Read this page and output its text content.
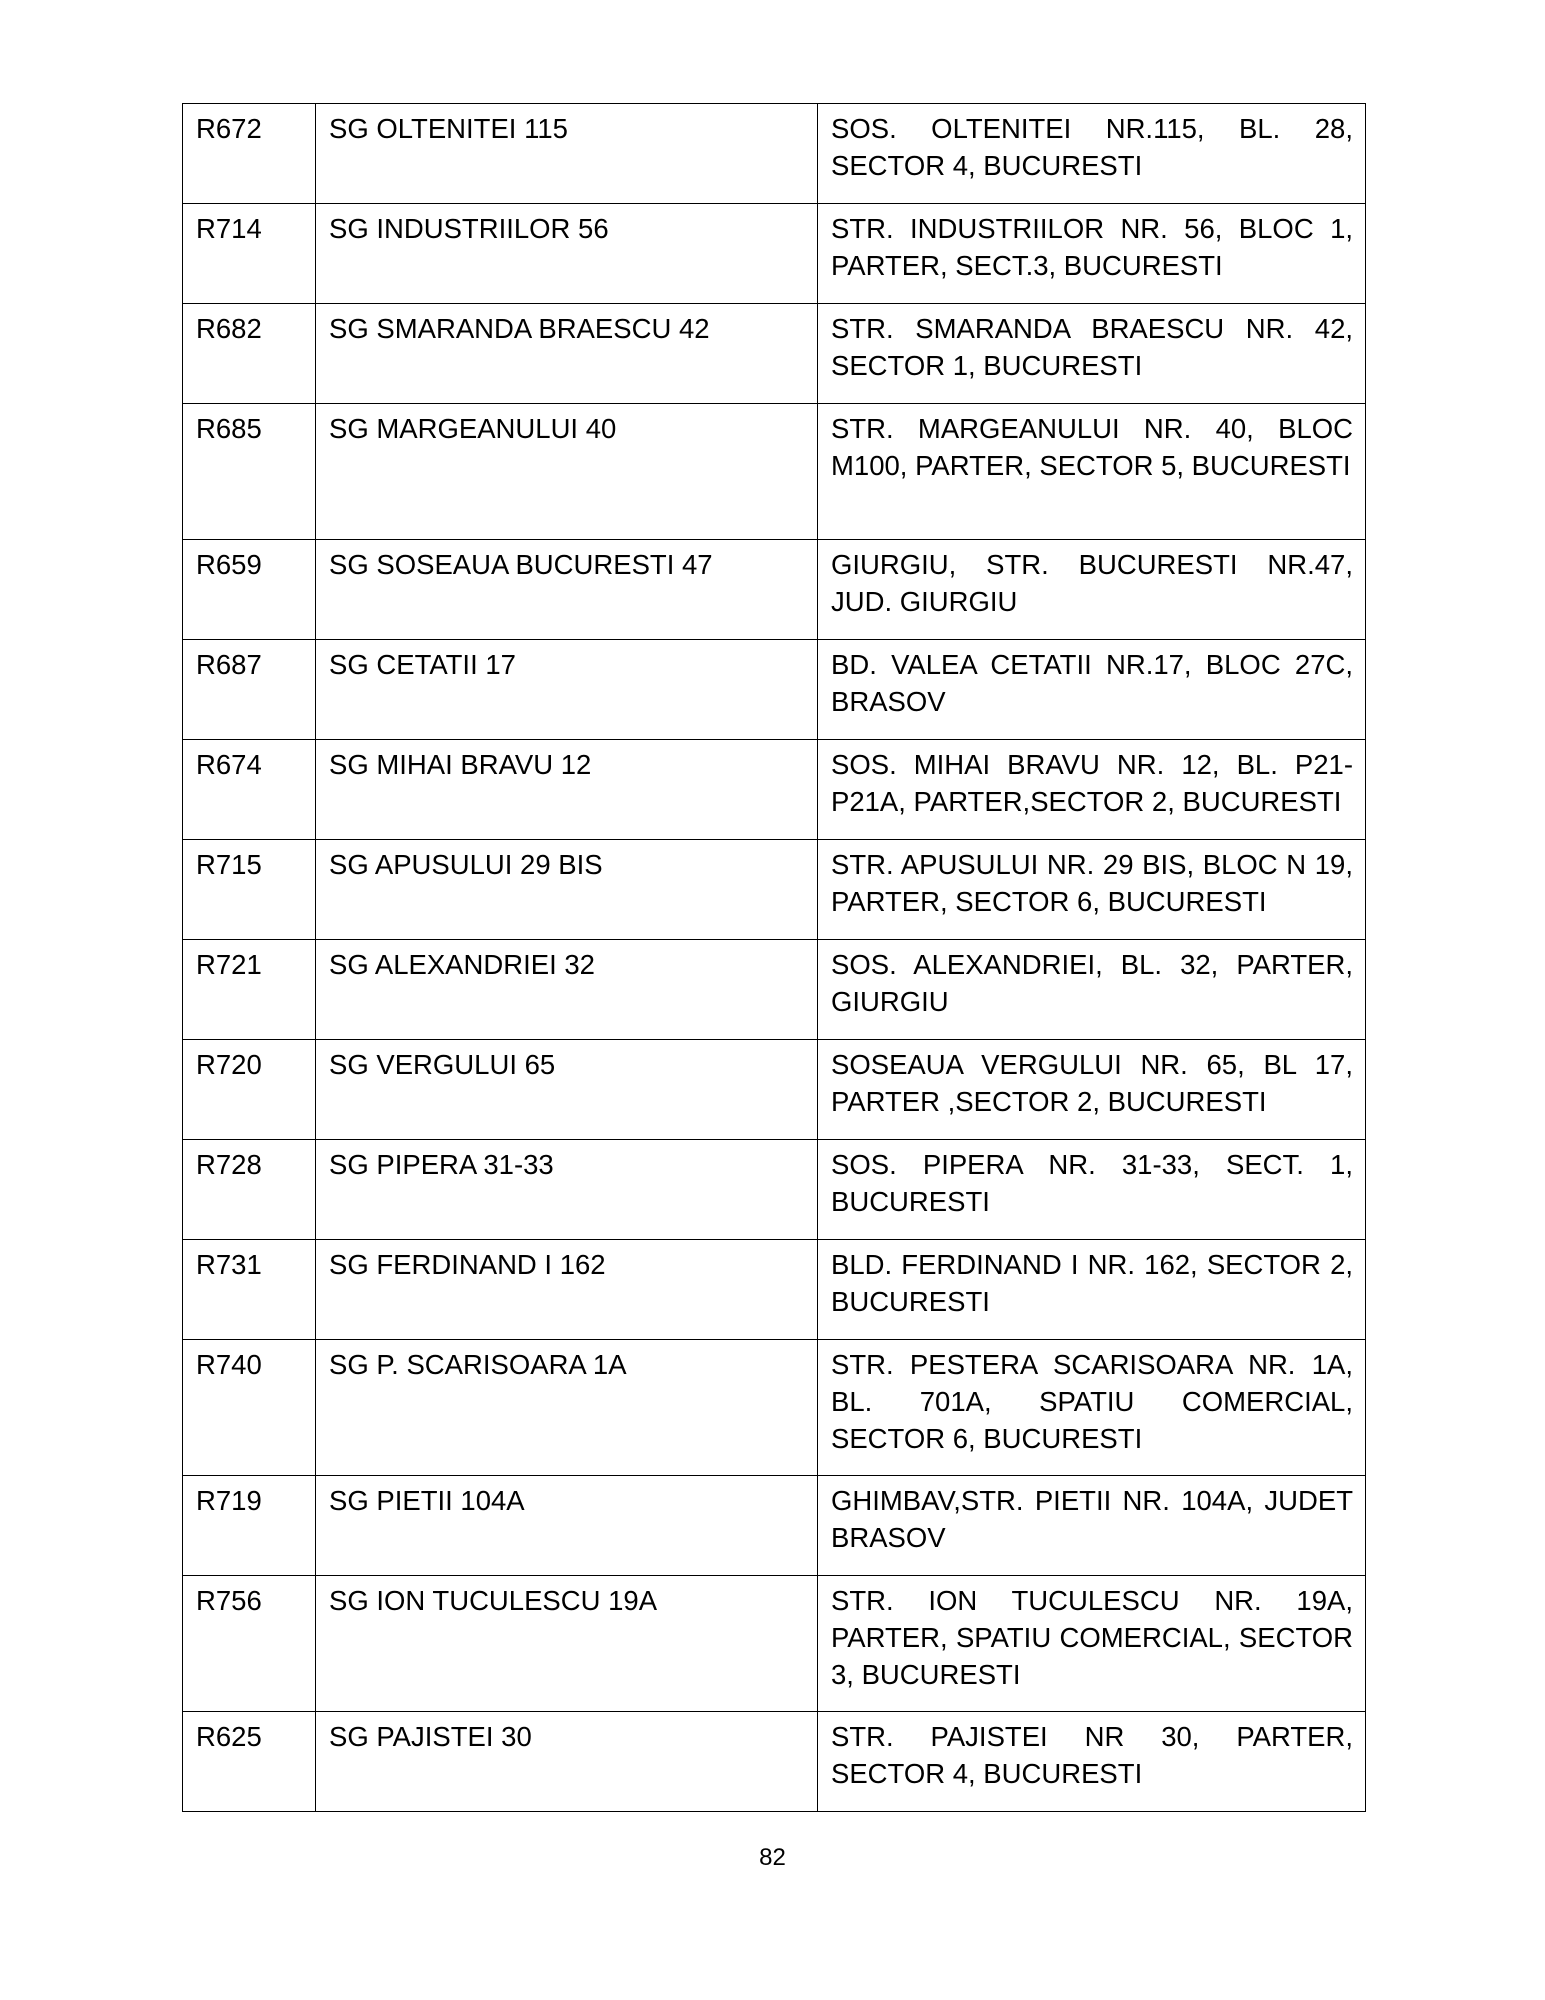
R672	SG OLTENITEI 115	SOS. OLTENITEI NR.115, BL. 28, SECTOR 4, BUCURESTI

R714	SG INDUSTRIILOR 56	STR. INDUSTRIILOR NR. 56, BLOC 1, PARTER, SECT.3, BUCURESTI

R682	SG SMARANDA BRAESCU 42	STR. SMARANDA BRAESCU NR. 42, SECTOR 1, BUCURESTI

R685	SG MARGEANULUI 40	STR. MARGEANULUI NR. 40, BLOC M100, PARTER, SECTOR 5, BUCURESTI

R659	SG SOSEAUA BUCURESTI 47	GIURGIU, STR. BUCURESTI NR.47, JUD. GIURGIU

R687	SG CETATII 17	BD. VALEA CETATII NR.17, BLOC 27C, BRASOV

R674	SG MIHAI BRAVU 12	SOS. MIHAI BRAVU NR. 12, BL. P21-P21A, PARTER,SECTOR 2, BUCURESTI

R715	SG APUSULUI 29 BIS	STR. APUSULUI NR. 29 BIS, BLOC N 19, PARTER, SECTOR 6, BUCURESTI

R721	SG ALEXANDRIEI 32	SOS. ALEXANDRIEI, BL. 32, PARTER, GIURGIU

R720	SG VERGULUI 65	SOSEAUA VERGULUI NR. 65, BL 17, PARTER ,SECTOR 2, BUCURESTI

R728	SG PIPERA 31-33	SOS. PIPERA NR. 31-33, SECT. 1, BUCURESTI

R731	SG FERDINAND I 162	BLD. FERDINAND I NR. 162, SECTOR 2, BUCURESTI

R740	SG P. SCARISOARA 1A	STR. PESTERA SCARISOARA NR. 1A, BL. 701A, SPATIU COMERCIAL, SECTOR 6, BUCURESTI

R719	SG PIETII 104A	GHIMBAV,STR. PIETII NR. 104A, JUDET BRASOV

R756	SG ION TUCULESCU 19A	STR. ION TUCULESCU NR. 19A, PARTER, SPATIU COMERCIAL, SECTOR 3, BUCURESTI

R625	SG PAJISTEI 30	STR. PAJISTEI NR 30, PARTER, SECTOR 4, BUCURESTI
82
